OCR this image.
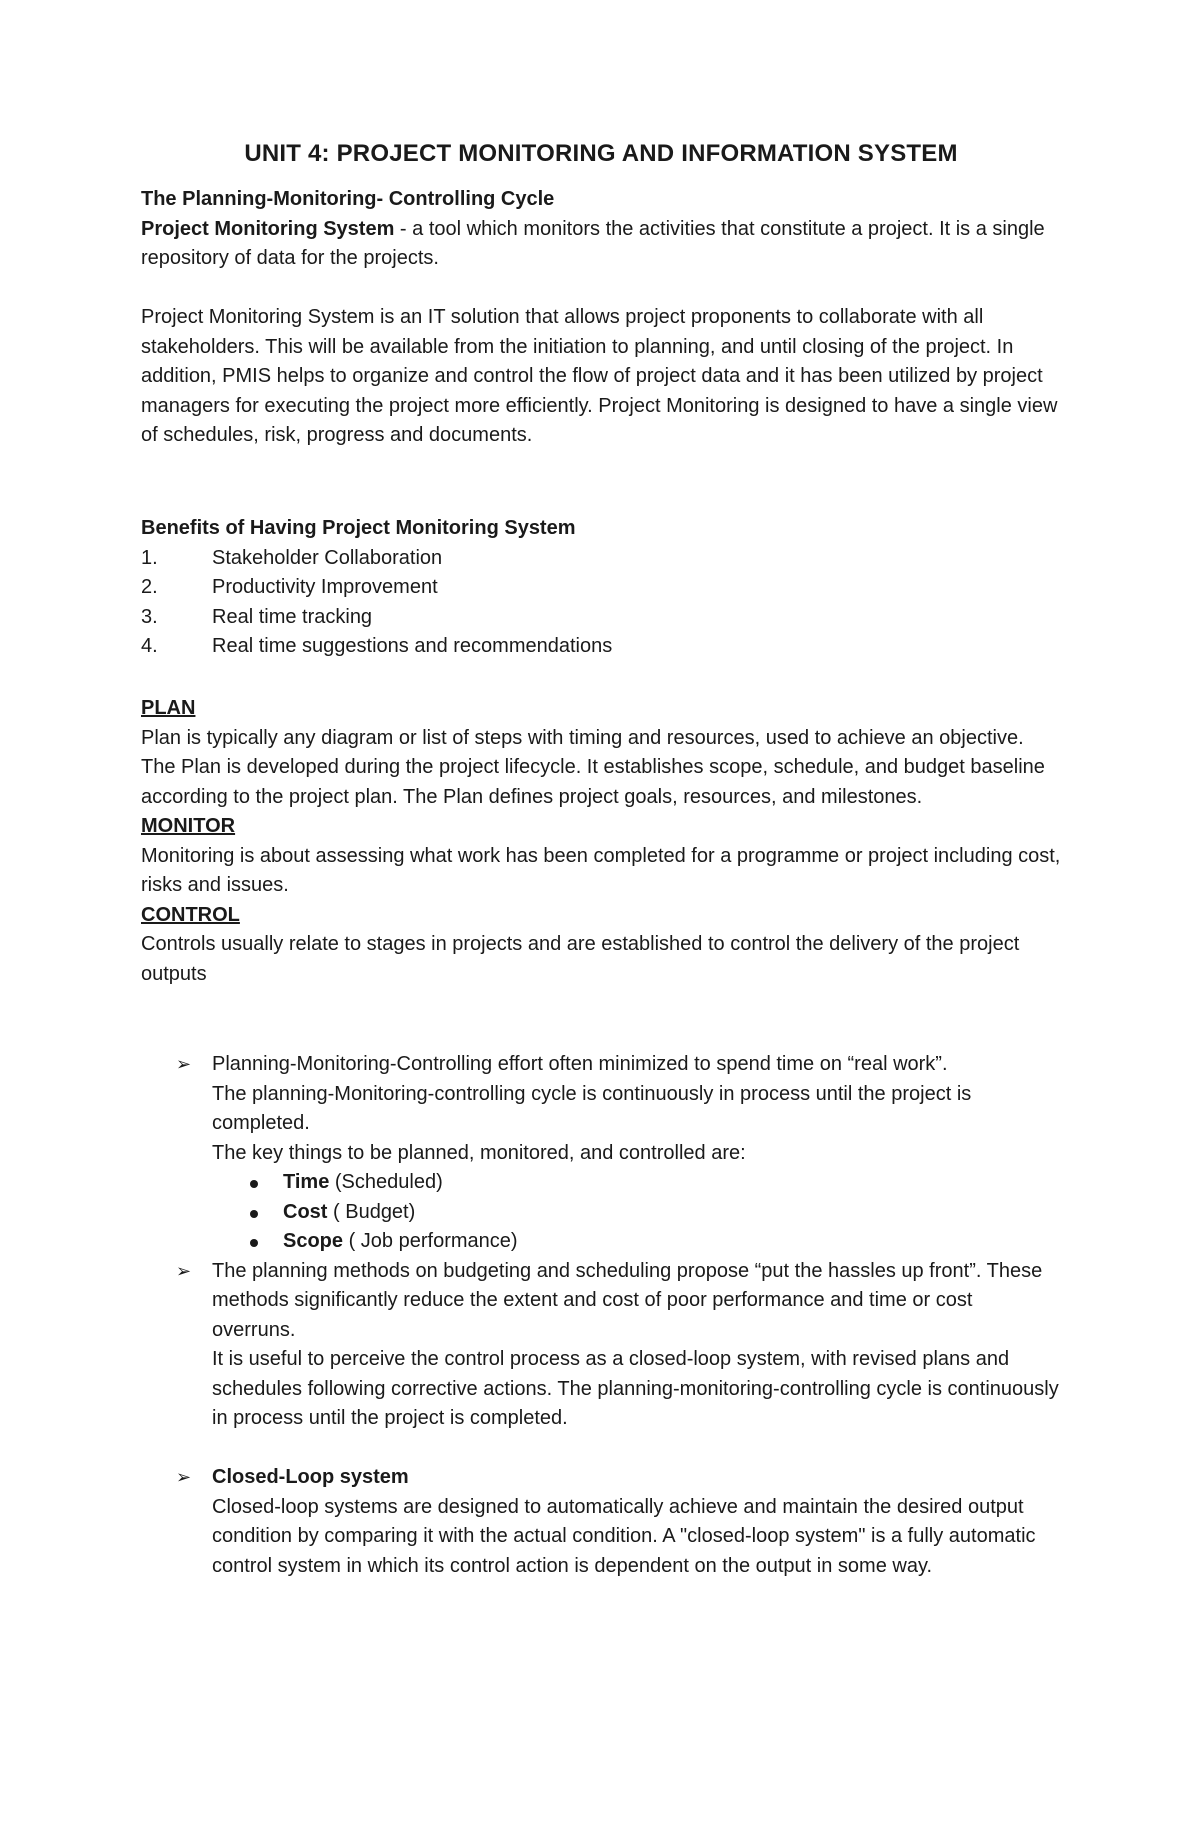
UNIT 4: PROJECT MONITORING AND INFORMATION SYSTEM

The Planning-Monitoring- Controlling Cycle

Project Monitoring System - a tool which monitors the activities that constitute a project. It is a single repository of data for the projects.

Project Monitoring System is an IT solution that allows project proponents to collaborate with all stakeholders. This will be available from the initiation to planning, and until closing of the project. In addition, PMIS helps to organize and control the flow of project data and it has been utilized by project managers for executing the project more efficiently. Project Monitoring is designed to have a single view of schedules, risk, progress and documents.

Benefits of Having Project Monitoring System

1.	Stakeholder Collaboration
2.	Productivity Improvement
3.	Real time tracking
4.	Real time suggestions and recommendations

PLAN

Plan is typically any diagram or list of steps with timing and resources, used to achieve an objective. The Plan is developed during the project lifecycle. It establishes scope, schedule, and budget baseline according to the project plan. The Plan defines project goals, resources, and milestones.

MONITOR

Monitoring is about assessing what work has been completed for a programme or project including cost, risks and issues.

CONTROL

Controls usually relate to stages in projects and are established to control the delivery of the project outputs

➢ Planning-Monitoring-Controlling effort often minimized to spend time on “real work”.

The planning-Monitoring-controlling cycle is continuously in process until the project is completed.

The key things to be planned, monitored, and controlled are:

Time (Scheduled)
Cost ( Budget)
Scope ( Job performance)
➢ The planning methods on budgeting and scheduling propose “put the hassles up front”. These methods significantly reduce the extent and cost of poor performance and time or cost overruns.

It is useful to perceive the control process as a closed-loop system, with revised plans and schedules following corrective actions. The planning-monitoring-controlling cycle is continuously in process until the project is completed.

➢ Closed-Loop system

Closed-loop systems are designed to automatically achieve and maintain the desired output condition by comparing it with the actual condition. A "closed-loop system" is a fully automatic control system in which its control action is dependent on the output in some way.
